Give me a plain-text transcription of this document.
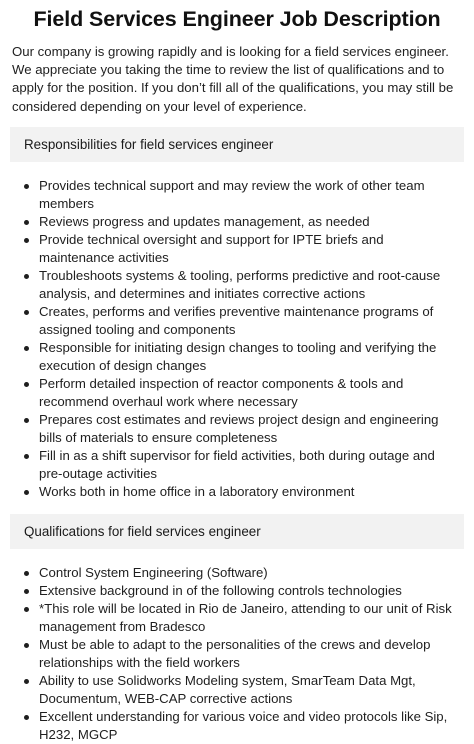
Field Services Engineer Job Description

Our company is growing rapidly and is looking for a field services engineer. We appreciate you taking the time to review the list of qualifications and to apply for the position. If you don’t fill all of the qualifications, you may still be considered depending on your level of experience.

Responsibilities for field services engineer
Provides technical support and may review the work of other team members
Reviews progress and updates management, as needed
Provide technical oversight and support for IPTE briefs and maintenance activities
Troubleshoots systems & tooling, performs predictive and root-cause analysis, and determines and initiates corrective actions
Creates, performs and verifies preventive maintenance programs of assigned tooling and components
Responsible for initiating design changes to tooling and verifying the execution of design changes
Perform detailed inspection of reactor components & tools and recommend overhaul work where necessary
Prepares cost estimates and reviews project design and engineering bills of materials to ensure completeness
Fill in as a shift supervisor for field activities, both during outage and pre-outage activities
Works both in home office in a laboratory environment
Qualifications for field services engineer
Control System Engineering (Software)
Extensive background in of the following controls technologies
*This role will be located in Rio de Janeiro, attending to our unit of Risk management from Bradesco
Must be able to adapt to the personalities of the crews and develop relationships with the field workers
Ability to use Solidworks Modeling system, SmarTeam Data Mgt, Documentum, WEB-CAP corrective actions
Excellent understanding for various voice and video protocols like Sip, H232, MGCP
